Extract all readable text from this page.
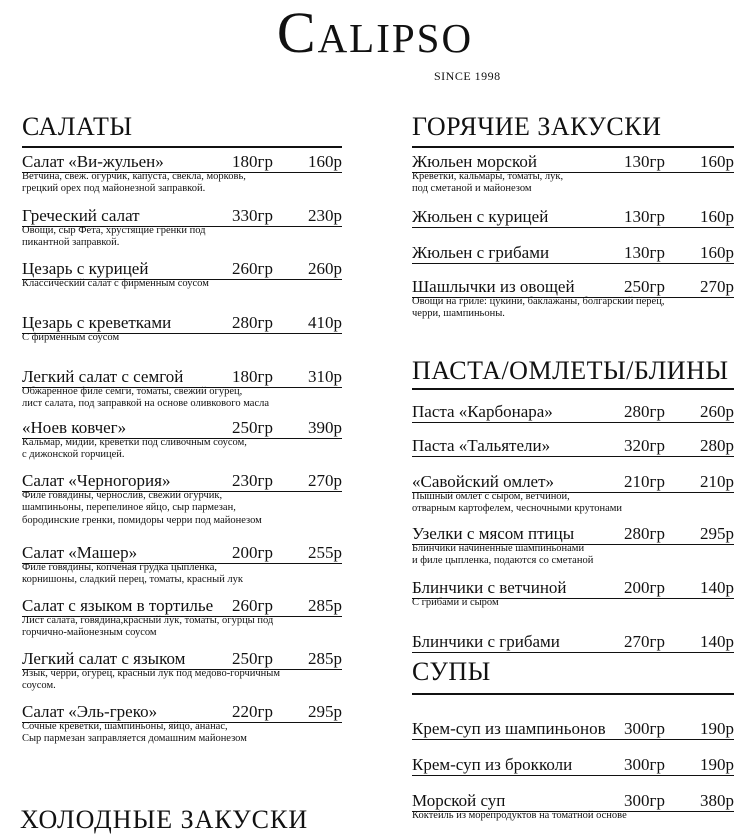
Calipso
SINCE 1998
САЛАТЫ
Салат «Ви-жульен»	180гр 160р
Ветчина, свеж. огурчик, капуста, свекла, морковь,
грецкий орех под майонезной заправкой.
Греческий салат	330гр 230р
Овощи, сыр Фета, хрустящие гренки под
пикантной заправкой.
Цезарь с курицей	260гр 260р
Классический салат с фирменным соусом
Цезарь с креветками	280гр 410р
С фирменным соусом
Легкий салат с семгой	180гр 310р
Обжаренное филе семги, томаты, свежий огурец,
лист салата, под заправкой на основе оливкового масла
«Ноев ковчег»	250гр 390р
Кальмар, мидии, креветки под сливочным соусом,
с дижонской горчицей.
Салат «Черногория»	230гр 270р
Филе говядины, чернослив, свежий огурчик,
шампиньоны, перепелиное яйцо, сыр пармезан,
бородинские гренки, помидоры черри под майонезом
Салат «Машер»	200гр 255р
Филе говядины, копченая грудка цыпленка,
корнишоны, сладкий перец, томаты, красный лук
Салат с языком в тортилье 260гр 285р
Лист салата, говядина,красный лук, томаты, огурцы под
горчично-майонезным соусом
Легкий салат с языком	250гр 285р
Язык, черри, огурец, красный лук под медово-горчичным
соусом.
Салат «Эль-греко»	220гр 295р
Сочные креветки, шампиньоны, яйцо, ананас,
Сыр пармезан заправляется домашним майонезом
ГОРЯЧИЕ ЗАКУСКИ
Жюльен морской	130гр 160р
Креветки, кальмары, томаты, лук,
под сметаной и майонезом
Жюльен с курицей	130гр 160р
Жюльен с грибами	130гр 160р
Шашлычки из овощей	250гр 270р
Овощи на гриле: цукини, баклажаны, болгарский перец,
черри, шампиньоны.
ПАСТА/ОМЛЕТЫ/БЛИНЫ
Паста «Карбонара»	280гр 260р
Паста «Тальятели»	320гр 280р
«Савойский омлет»	210гр 210р
Пышный омлет с сыром, ветчиной,
отварным картофелем, чесночными крутонами
Узелки с мясом птицы	280гр 295р
Блинчики начиненные шампиньонами
и филе цыпленка, подаются со сметаной
Блинчики с ветчиной	200гр 140р
С грибами и сыром
Блинчики с грибами	270гр 140р
СУПЫ
Крем-суп из шампиньонов 300гр 190р
Крем-суп из брокколи	300гр 190р
Морской суп	300гр 380р
Коктейль из морепродуктов на томатной основе
ХОЛОДНЫЕ ЗАКУСКИ
